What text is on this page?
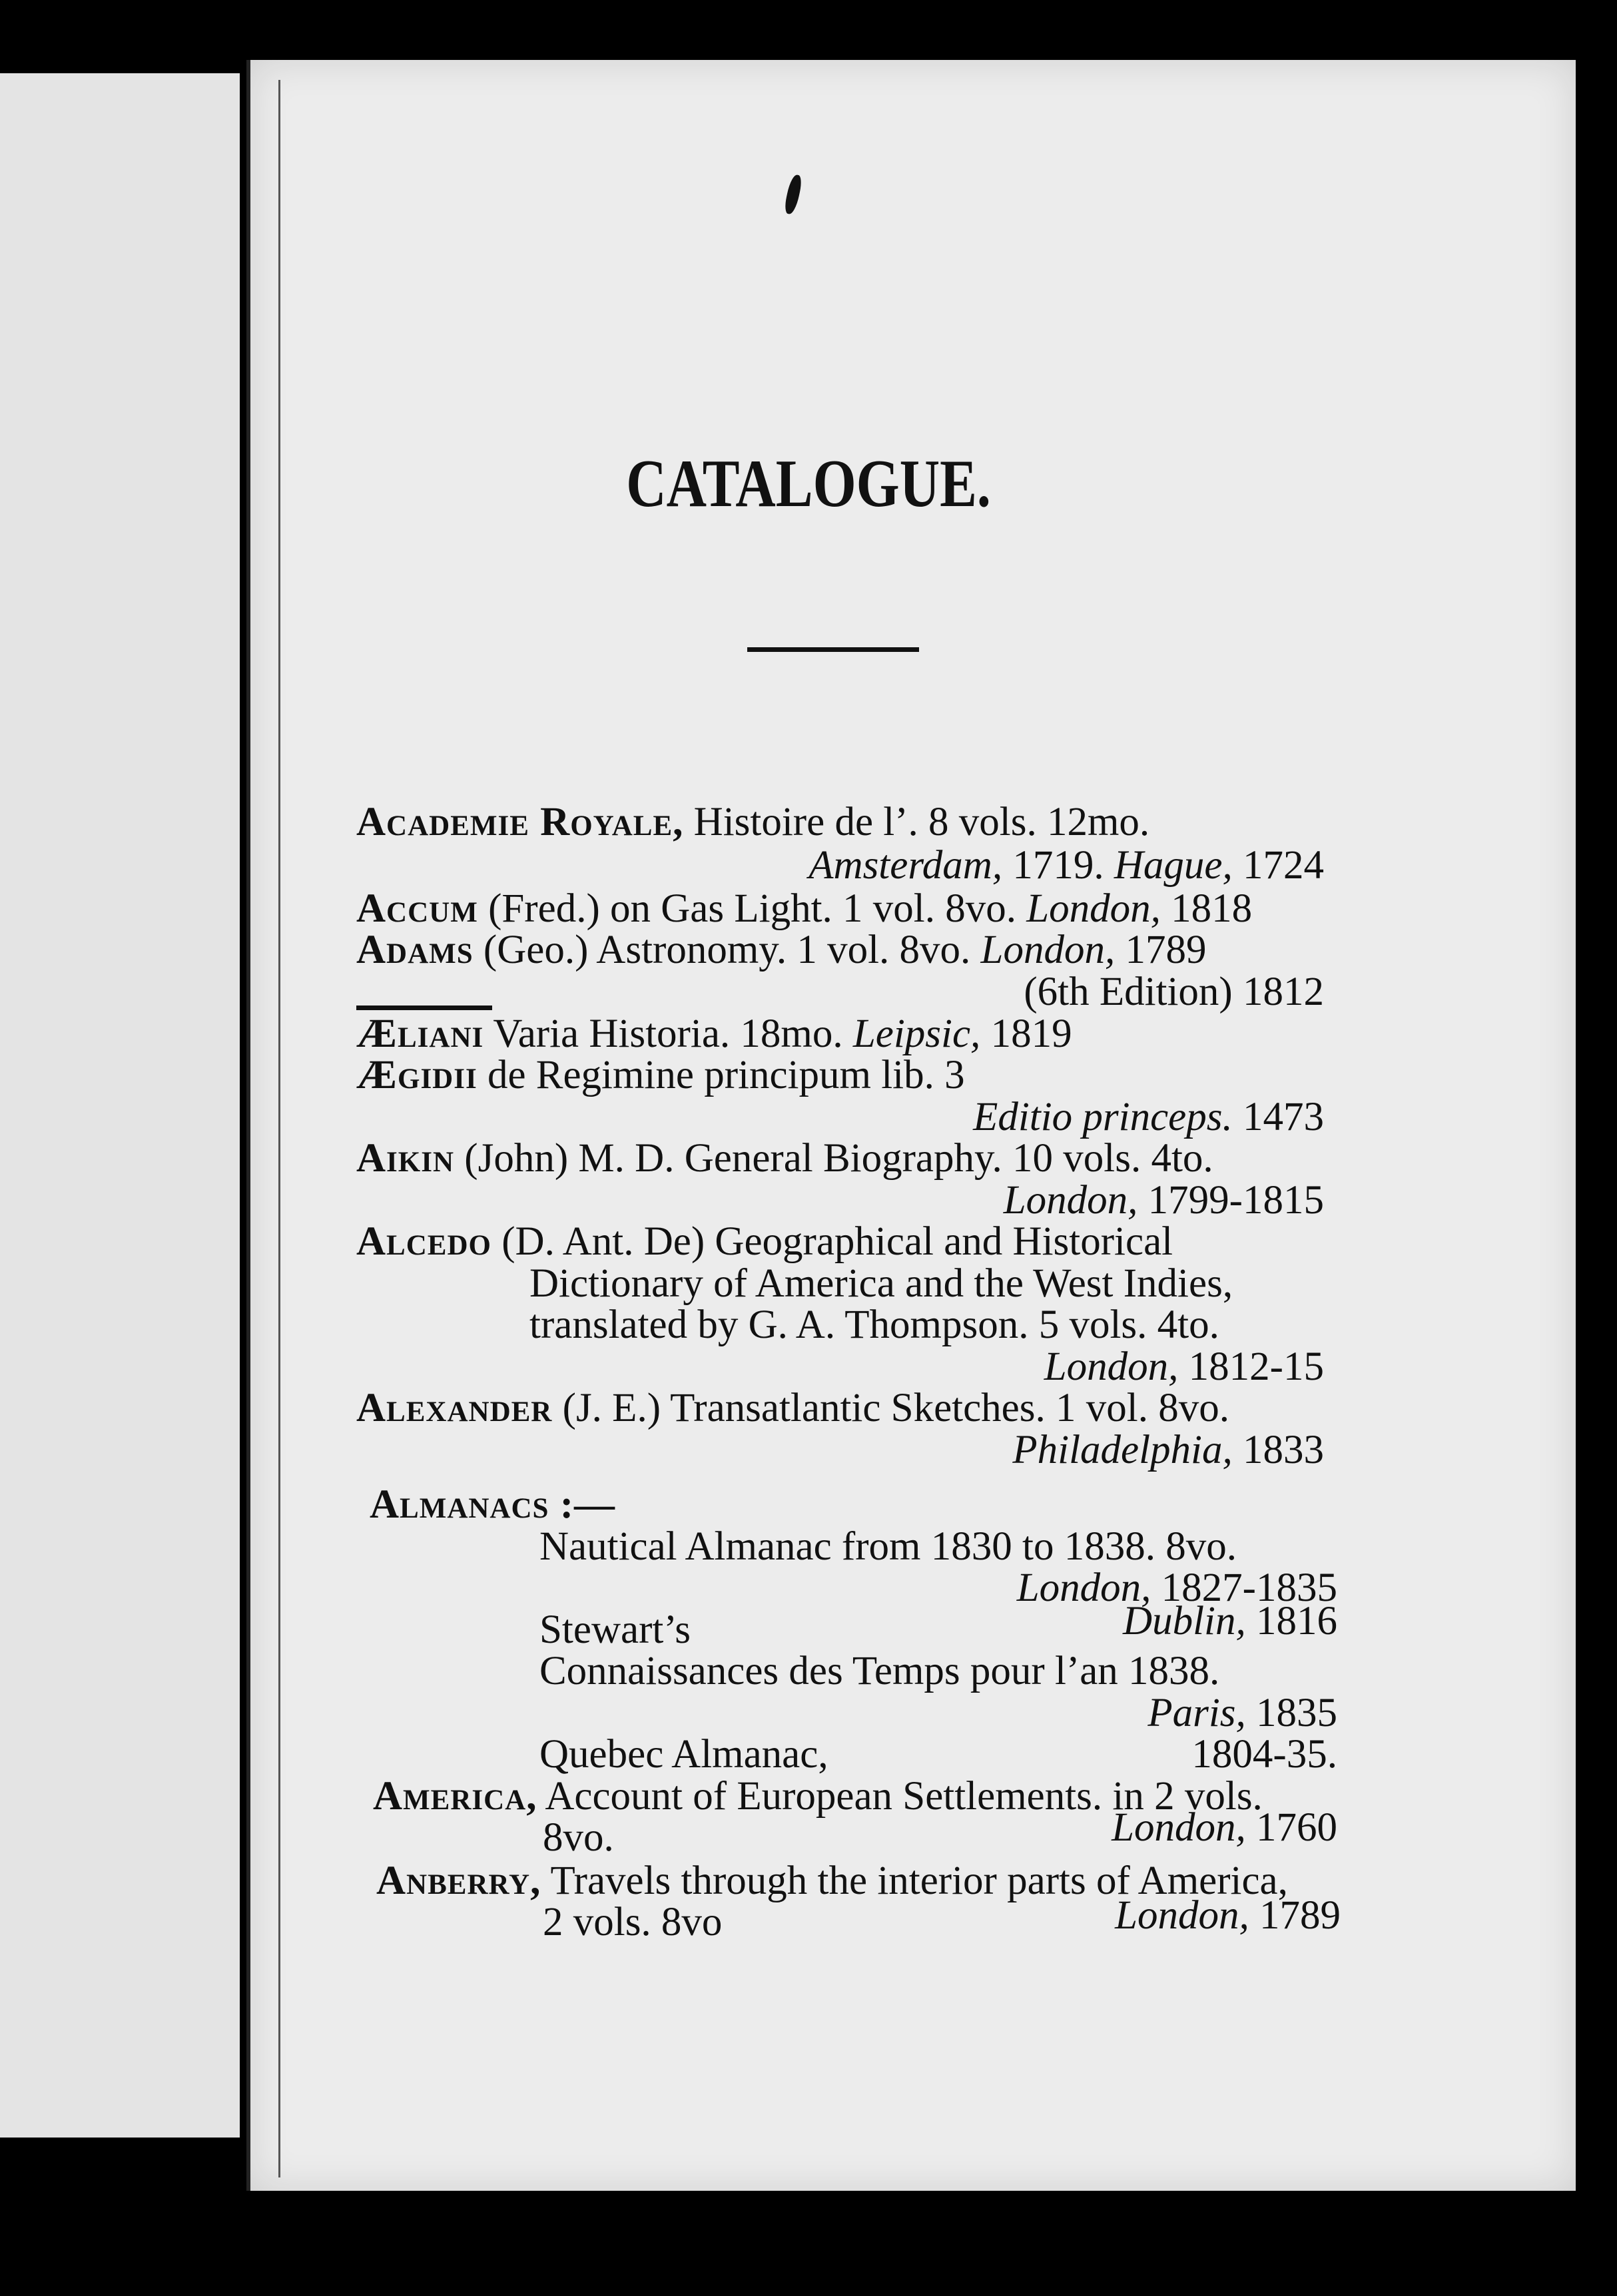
CATALOGUE.
Academie Royale, Histoire de l’. 8 vols. 12mo.
Amsterdam, 1719. Hague, 1724
Accum (Fred.) on Gas Light. 1 vol. 8vo. London, 1818
Adams (Geo.) Astronomy. 1 vol. 8vo. London, 1789
(6th Edition) 1812
Æliani Varia Historia. 18mo. Leipsic, 1819
Ægidii de Regimine principum lib. 3
Editio princeps. 1473
Aikin (John) M. D. General Biography. 10 vols. 4to.
London, 1799-1815
Alcedo (D. Ant. De) Geographical and Historical
Dictionary of America and the West Indies,
translated by G. A. Thompson. 5 vols. 4to.
London, 1812-15
Alexander (J. E.) Transatlantic Sketches. 1 vol. 8vo.
Philadelphia, 1833
Almanacs :—
Nautical Almanac from 1830 to 1838. 8vo.
London, 1827-1835
Stewart’s	Dublin, 1816
Connaissances des Temps pour l’an 1838.
Paris, 1835
Quebec Almanac,	1804-35.
America, Account of European Settlements. in 2 vols.
8vo.	London, 1760
Anberry, Travels through the interior parts of America,
2 vols. 8vo	London, 1789
